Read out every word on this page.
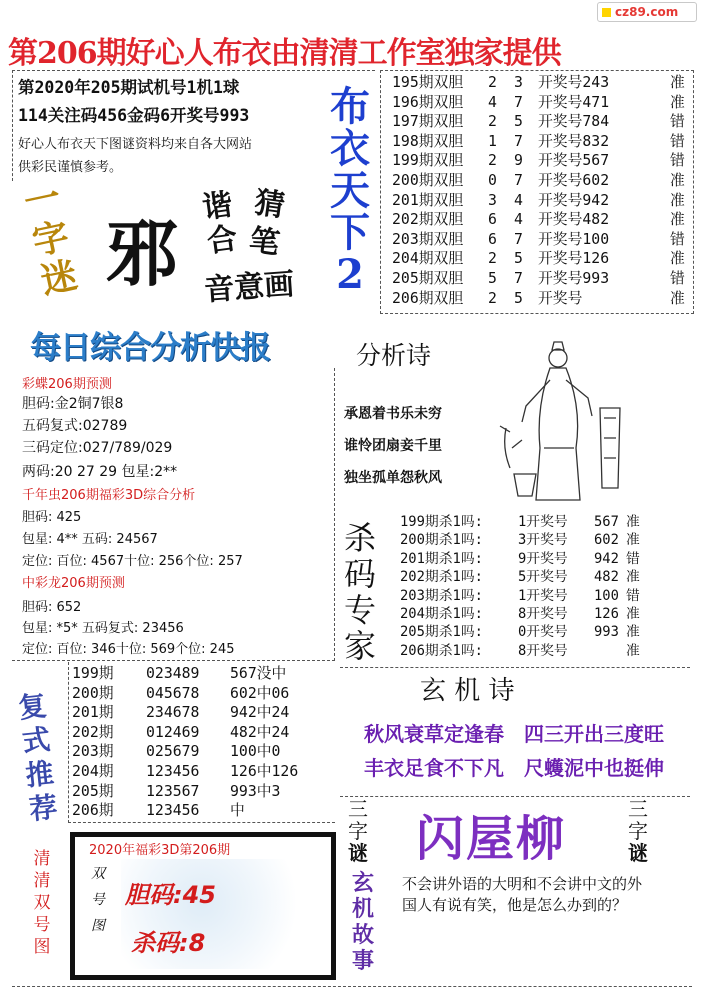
cz89.com
第206期好心人布衣由清清工作室独家提供
第2020年205期试机号1机1球
114关注码456金码6开奖号993
好心人布衣天下图谜资料均来自各大网站
供彩民谨慎参考。
布
衣
天
下
2
一
字
迷 邪
谐
合
猜
笔
音意画
195期双胆 2 3 开奖号243	准
196期双胆 4 7 开奖号471	准
197期双胆 2 5 开奖号784	错
198期双胆 1 7 开奖号832	错
199期双胆 2 9 开奖号567	错
200期双胆 0 7 开奖号602	准
201期双胆 3 4 开奖号942	准
202期双胆 6 4 开奖号482	准
203期双胆 6 7 开奖号100	错
204期双胆 2 5 开奖号126	准
205期双胆 5 7 开奖号993	错
206期双胆 2 5 开奖号	准
每日综合分析快报
彩蝶206期预测
胆码:金2铜7银8
五码复式:02789
三码定位:027/789/029
两码:20 27 29 包星:2**
千年虫206期福彩3D综合分析
胆码: 425
包星: 4** 五码: 24567
定位: 百位: 4567十位: 256个位: 257
中彩龙206期预测
胆码: 652
包星: *5* 五码复式: 23456
定位: 百位: 346十位: 569个位: 245
分析诗
承恩着书乐未穷
谁怜团扇妾千里
独坐孤单怨秋风
杀
码
专
家
199期杀1吗:	1开奖号 567 准
200期杀1吗:	3开奖号 602 准
201期杀1吗:	9开奖号 942 错
202期杀1吗:	5开奖号 482 准
203期杀1吗:	1开奖号 100 错
204期杀1吗:	8开奖号 126 准
205期杀1吗:	0开奖号 993 准
206期杀1吗:	8开奖号	准
复
式
推
荐
199期 023489 567没中
200期 045678 602中06
201期 234678 942中24
202期 012469 482中24
203期 025679 100中0
204期 123456 126中126
205期 123567 993中3
206期 123456 中
玄 机 诗
秋风衰草定逢春　四三开出三度旺
丰衣足食不下凡　尺蠖泥中也挺伸
清
清
双
号
图
2020年福彩3D第206期
双
号
图
胆码:45
杀码:8
三
字
谜 闪屋柳
三
字
谜
玄
机
故
事
不会讲外语的大明和不会讲中文的外国人有说有笑，他是怎么办到的？
